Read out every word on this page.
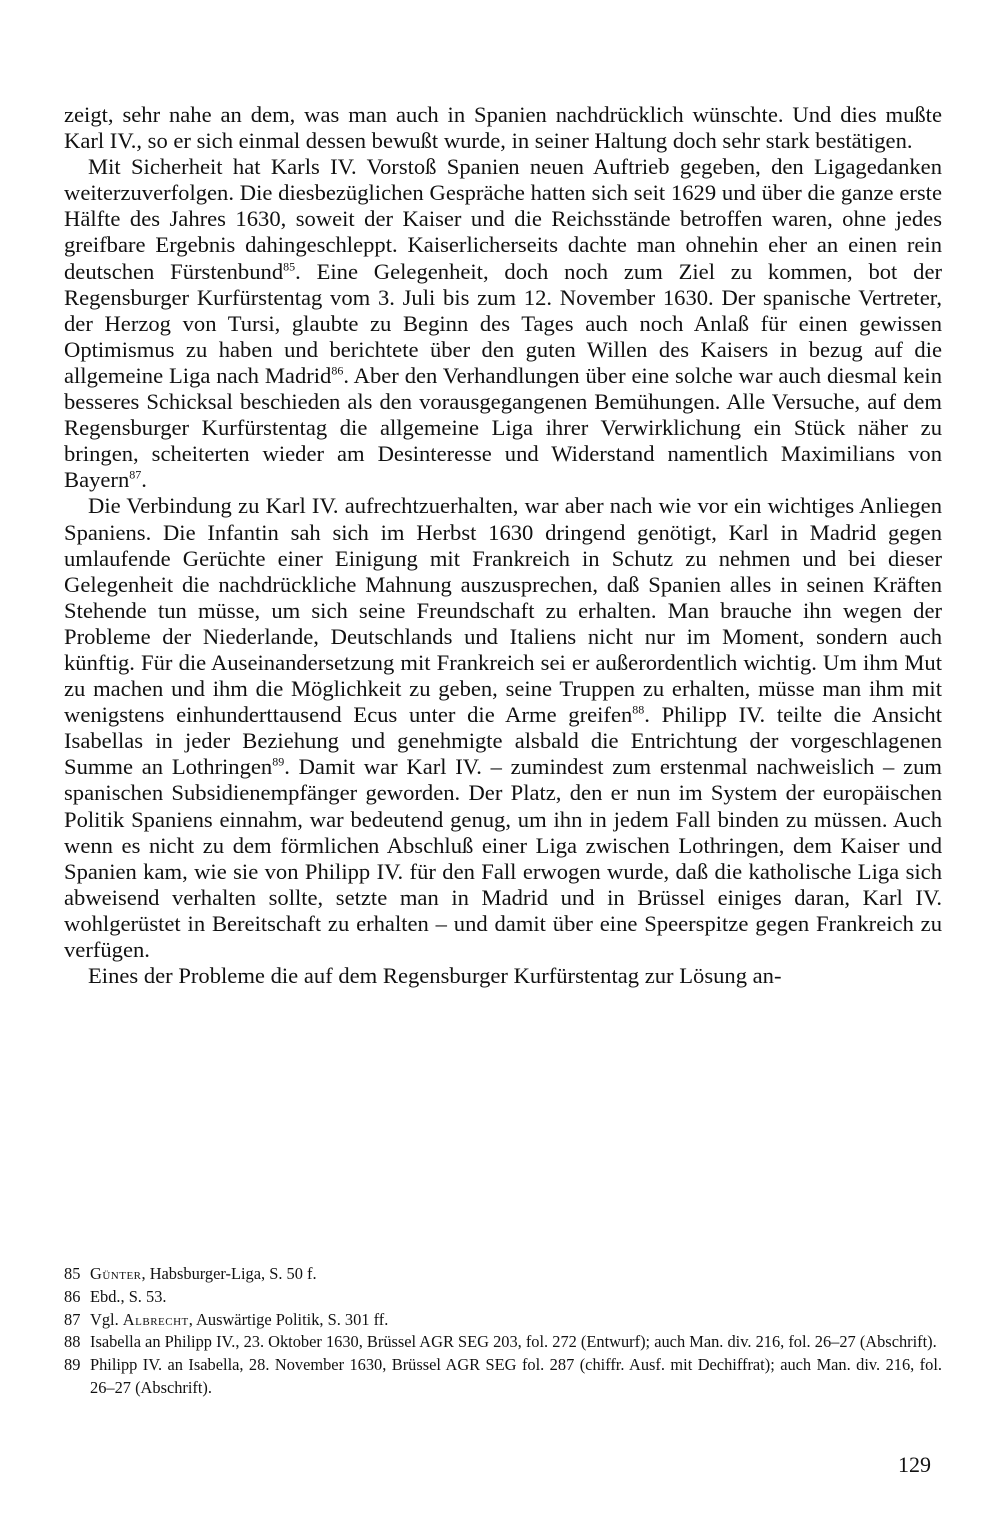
zeigt, sehr nahe an dem, was man auch in Spanien nachdrücklich wünschte. Und dies mußte Karl IV., so er sich einmal dessen bewußt wurde, in seiner Haltung doch sehr stark bestätigen.

Mit Sicherheit hat Karls IV. Vorstoß Spanien neuen Auftrieb gegeben, den Ligagedanken weiterzuverfolgen. Die diesbezüglichen Gespräche hatten sich seit 1629 und über die ganze erste Hälfte des Jahres 1630, soweit der Kaiser und die Reichsstände betroffen waren, ohne jedes greifbare Ergebnis dahingeschleppt. Kaiserlicherseits dachte man ohnehin eher an einen rein deutschen Fürstenbund$^{85}$. Eine Gelegenheit, doch noch zum Ziel zu kommen, bot der Regensburger Kurfürstentag vom 3. Juli bis zum 12. November 1630. Der spanische Vertreter, der Herzog von Tursi, glaubte zu Beginn des Tages auch noch Anlaß für einen gewissen Optimismus zu haben und berichtete über den guten Willen des Kaisers in bezug auf die allgemeine Liga nach Madrid$^{86}$. Aber den Verhandlungen über eine solche war auch diesmal kein besseres Schicksal beschieden als den vorausgegangenen Bemühungen. Alle Versuche, auf dem Regensburger Kurfürstentag die allgemeine Liga ihrer Verwirklichung ein Stück näher zu bringen, scheiterten wieder am Desinteresse und Widerstand namentlich Maximilians von Bayern$^{87}$.

Die Verbindung zu Karl IV. aufrechtzuerhalten, war aber nach wie vor ein wichtiges Anliegen Spaniens. Die Infantin sah sich im Herbst 1630 dringend genötigt, Karl in Madrid gegen umlaufende Gerüchte einer Einigung mit Frankreich in Schutz zu nehmen und bei dieser Gelegenheit die nachdrückliche Mahnung auszusprechen, daß Spanien alles in seinen Kräften Stehende tun müsse, um sich seine Freundschaft zu erhalten. Man brauche ihn wegen der Probleme der Niederlande, Deutschlands und Italiens nicht nur im Moment, sondern auch künftig. Für die Auseinandersetzung mit Frankreich sei er außerordentlich wichtig. Um ihm Mut zu machen und ihm die Möglichkeit zu geben, seine Truppen zu erhalten, müsse man ihm mit wenigstens einhunderttausend Ecus unter die Arme greifen$^{88}$. Philipp IV. teilte die Ansicht Isabellas in jeder Beziehung und genehmigte alsbald die Entrichtung der vorgeschlagenen Summe an Lothringen$^{89}$. Damit war Karl IV. – zumindest zum erstenmal nachweislich – zum spanischen Subsidienempfänger geworden. Der Platz, den er nun im System der europäischen Politik Spaniens einnahm, war bedeutend genug, um ihn in jedem Fall binden zu müssen. Auch wenn es nicht zu dem förmlichen Abschluß einer Liga zwischen Lothringen, dem Kaiser und Spanien kam, wie sie von Philipp IV. für den Fall erwogen wurde, daß die katholische Liga sich abweisend verhalten sollte, setzte man in Madrid und in Brüssel einiges daran, Karl IV. wohlgerüstet in Bereitschaft zu erhalten – und damit über eine Speerspitze gegen Frankreich zu verfügen.

Eines der Probleme die auf dem Regensburger Kurfürstentag zur Lösung an-

85 Günter, Habsburger-Liga, S. 50 f.
86 Ebd., S. 53.
87 Vgl. Albrecht, Auswärtige Politik, S. 301 ff.
88 Isabella an Philipp IV., 23. Oktober 1630, Brüssel AGR SEG 203, fol. 272 (Entwurf); auch Man. div. 216, fol. 26–27 (Abschrift).
89 Philipp IV. an Isabella, 28. November 1630, Brüssel AGR SEG fol. 287 (chiffr. Ausf. mit Dechiffrat); auch Man. div. 216, fol. 26–27 (Abschrift).
129
